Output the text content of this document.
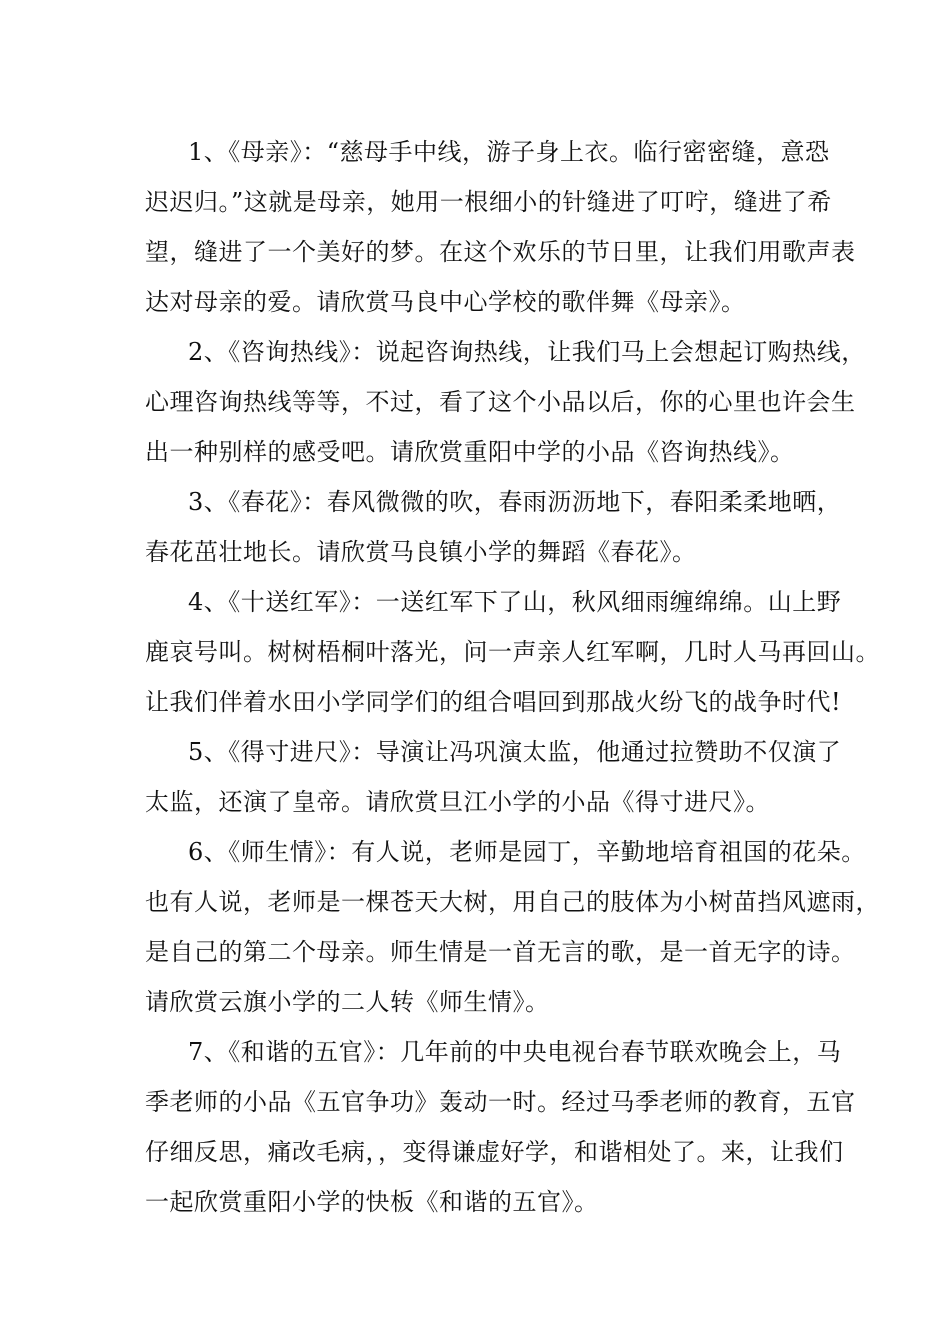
1、《母亲》：“慈母手中线，游子身上衣。临行密密缝，意恐
迟迟归。”这就是母亲，她用一根细小的针缝进了叮咛，缝进了希
望，缝进了一个美好的梦。在这个欢乐的节日里，让我们用歌声表
达对母亲的爱。请欣赏马良中心学校的歌伴舞《母亲》。
2、《咨询热线》：说起咨询热线，让我们马上会想起订购热线，
心理咨询热线等等，不过，看了这个小品以后，你的心里也许会生
出一种别样的感受吧。请欣赏重阳中学的小品《咨询热线》。
3、《春花》：春风微微的吹，春雨沥沥地下，春阳柔柔地晒，
春花茁壮地长。请欣赏马良镇小学的舞蹈《春花》。
4、《十送红军》：一送红军下了山，秋风细雨缠绵绵。山上野
鹿哀号叫。树树梧桐叶落光，问一声亲人红军啊，几时人马再回山。
让我们伴着水田小学同学们的组合唱回到那战火纷飞的战争时代!
5、《得寸进尺》：导演让冯巩演太监，他通过拉赞助不仅演了
太监，还演了皇帝。请欣赏旦江小学的小品《得寸进尺》。
6、《师生情》：有人说，老师是园丁，辛勤地培育祖国的花朵。
也有人说，老师是一棵苍天大树，用自己的肢体为小树苗挡风遮雨，
是自己的第二个母亲。师生情是一首无言的歌，是一首无字的诗。
请欣赏云旗小学的二人转《师生情》。
7、《和谐的五官》：几年前的中央电视台春节联欢晚会上，马
季老师的小品《五官争功》轰动一时。经过马季老师的教育，五官
仔细反思，痛改毛病，，变得谦虚好学，和谐相处了。来，让我们
一起欣赏重阳小学的快板《和谐的五官》。
